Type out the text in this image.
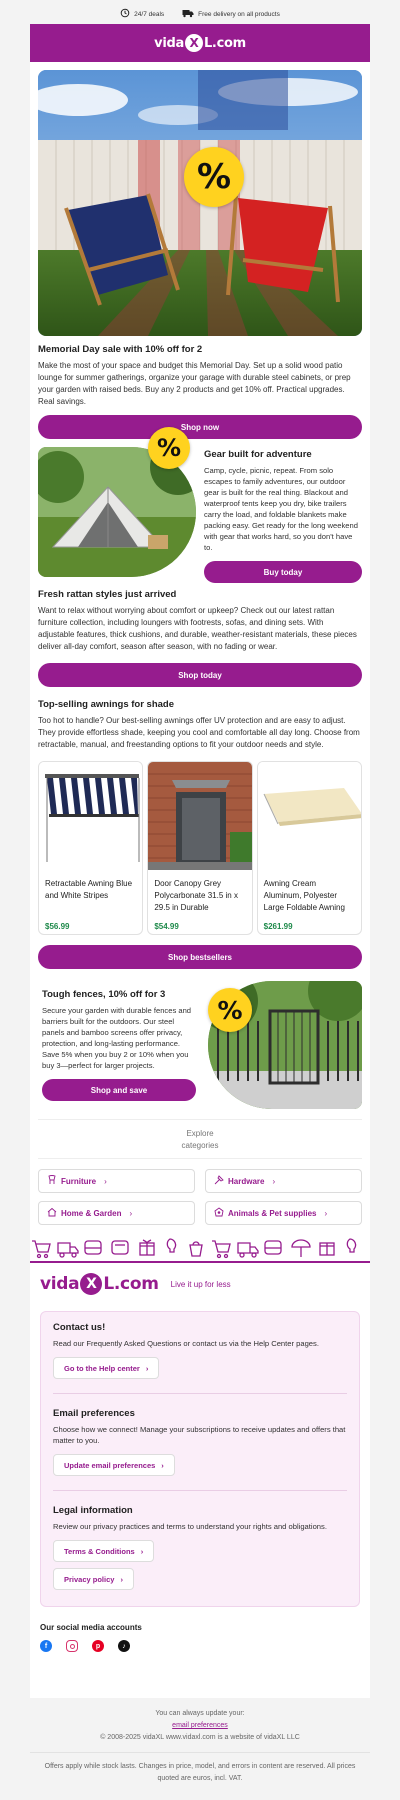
24/7 deals	Free delivery on all products
vida X L.com
%
Memorial Day sale with 10% off for 2

Make the most of your space and budget this Memorial Day. Set up a solid wood patio lounge for summer gatherings, organize your garage with durable steel cabinets, or prep your garden with raised beds. Buy any 2 products and get 10% off. Practical upgrades. Real savings.

Shop now
%	Gear built for adventure

Camp, cycle, picnic, repeat. From solo escapes to family adventures, our outdoor gear is built for the real thing. Blackout and waterproof tents keep you dry, bike trailers carry the load, and foldable blankets make packing easy. Get ready for the long weekend with gear that works hard, so you don't have to.

Buy today
Fresh rattan styles just arrived

Want to relax without worrying about comfort or upkeep? Check out our latest rattan furniture collection, including loungers with footrests, sofas, and dining sets. With adjustable features, thick cushions, and durable, weather-resistant materials, these pieces deliver all-day comfort, season after season, with no fading or wear.

Shop today
Top-selling awnings for shade

Too hot to handle? Our best-selling awnings offer UV protection and are easy to adjust. They provide effortless shade, keeping you cool and comfortable all day long. Choose from retractable, manual, and freestanding options to fit your outdoor needs and style.

Retractable Awning Blue and White Stripes
$56.99
Door Canopy Grey Polycarbonate 31.5 in x 29.5 in Durable
$54.99
Awning Cream Aluminum, Polyester Large Foldable Awning
$261.99
Shop bestsellers
Tough fences, 10% off for 3

Secure your garden with durable fences and barriers built for the outdoors. Our steel panels and bamboo screens offer privacy, protection, and long-lasting performance. Save 5% when you buy 2 or 10% when you buy 3—perfect for larger projects.

Shop and save
%
Explore
categories
Furniture ›	Hardware ›
Home & Garden ›	Animals & Pet supplies ›
vida X L.com Live it up for less
Contact us!

Read our Frequently Asked Questions or contact us via the Help Center pages.

Go to the Help center ›
Email preferences

Choose how we connect! Manage your subscriptions to receive updates and offers that matter to you.

Update email preferences ›
Legal information

Review our privacy practices and terms to understand your rights and obligations.

Terms & Conditions ›
Privacy policy ›
Our social media accounts
f	p	♪
You can always update your:
email preferences
© 2008-2025 vidaXL www.vidaxl.com is a website of vidaXL LLC
Offers apply while stock lasts. Changes in price, model, and errors in content are reserved. All prices quoted are euros, incl. VAT.
